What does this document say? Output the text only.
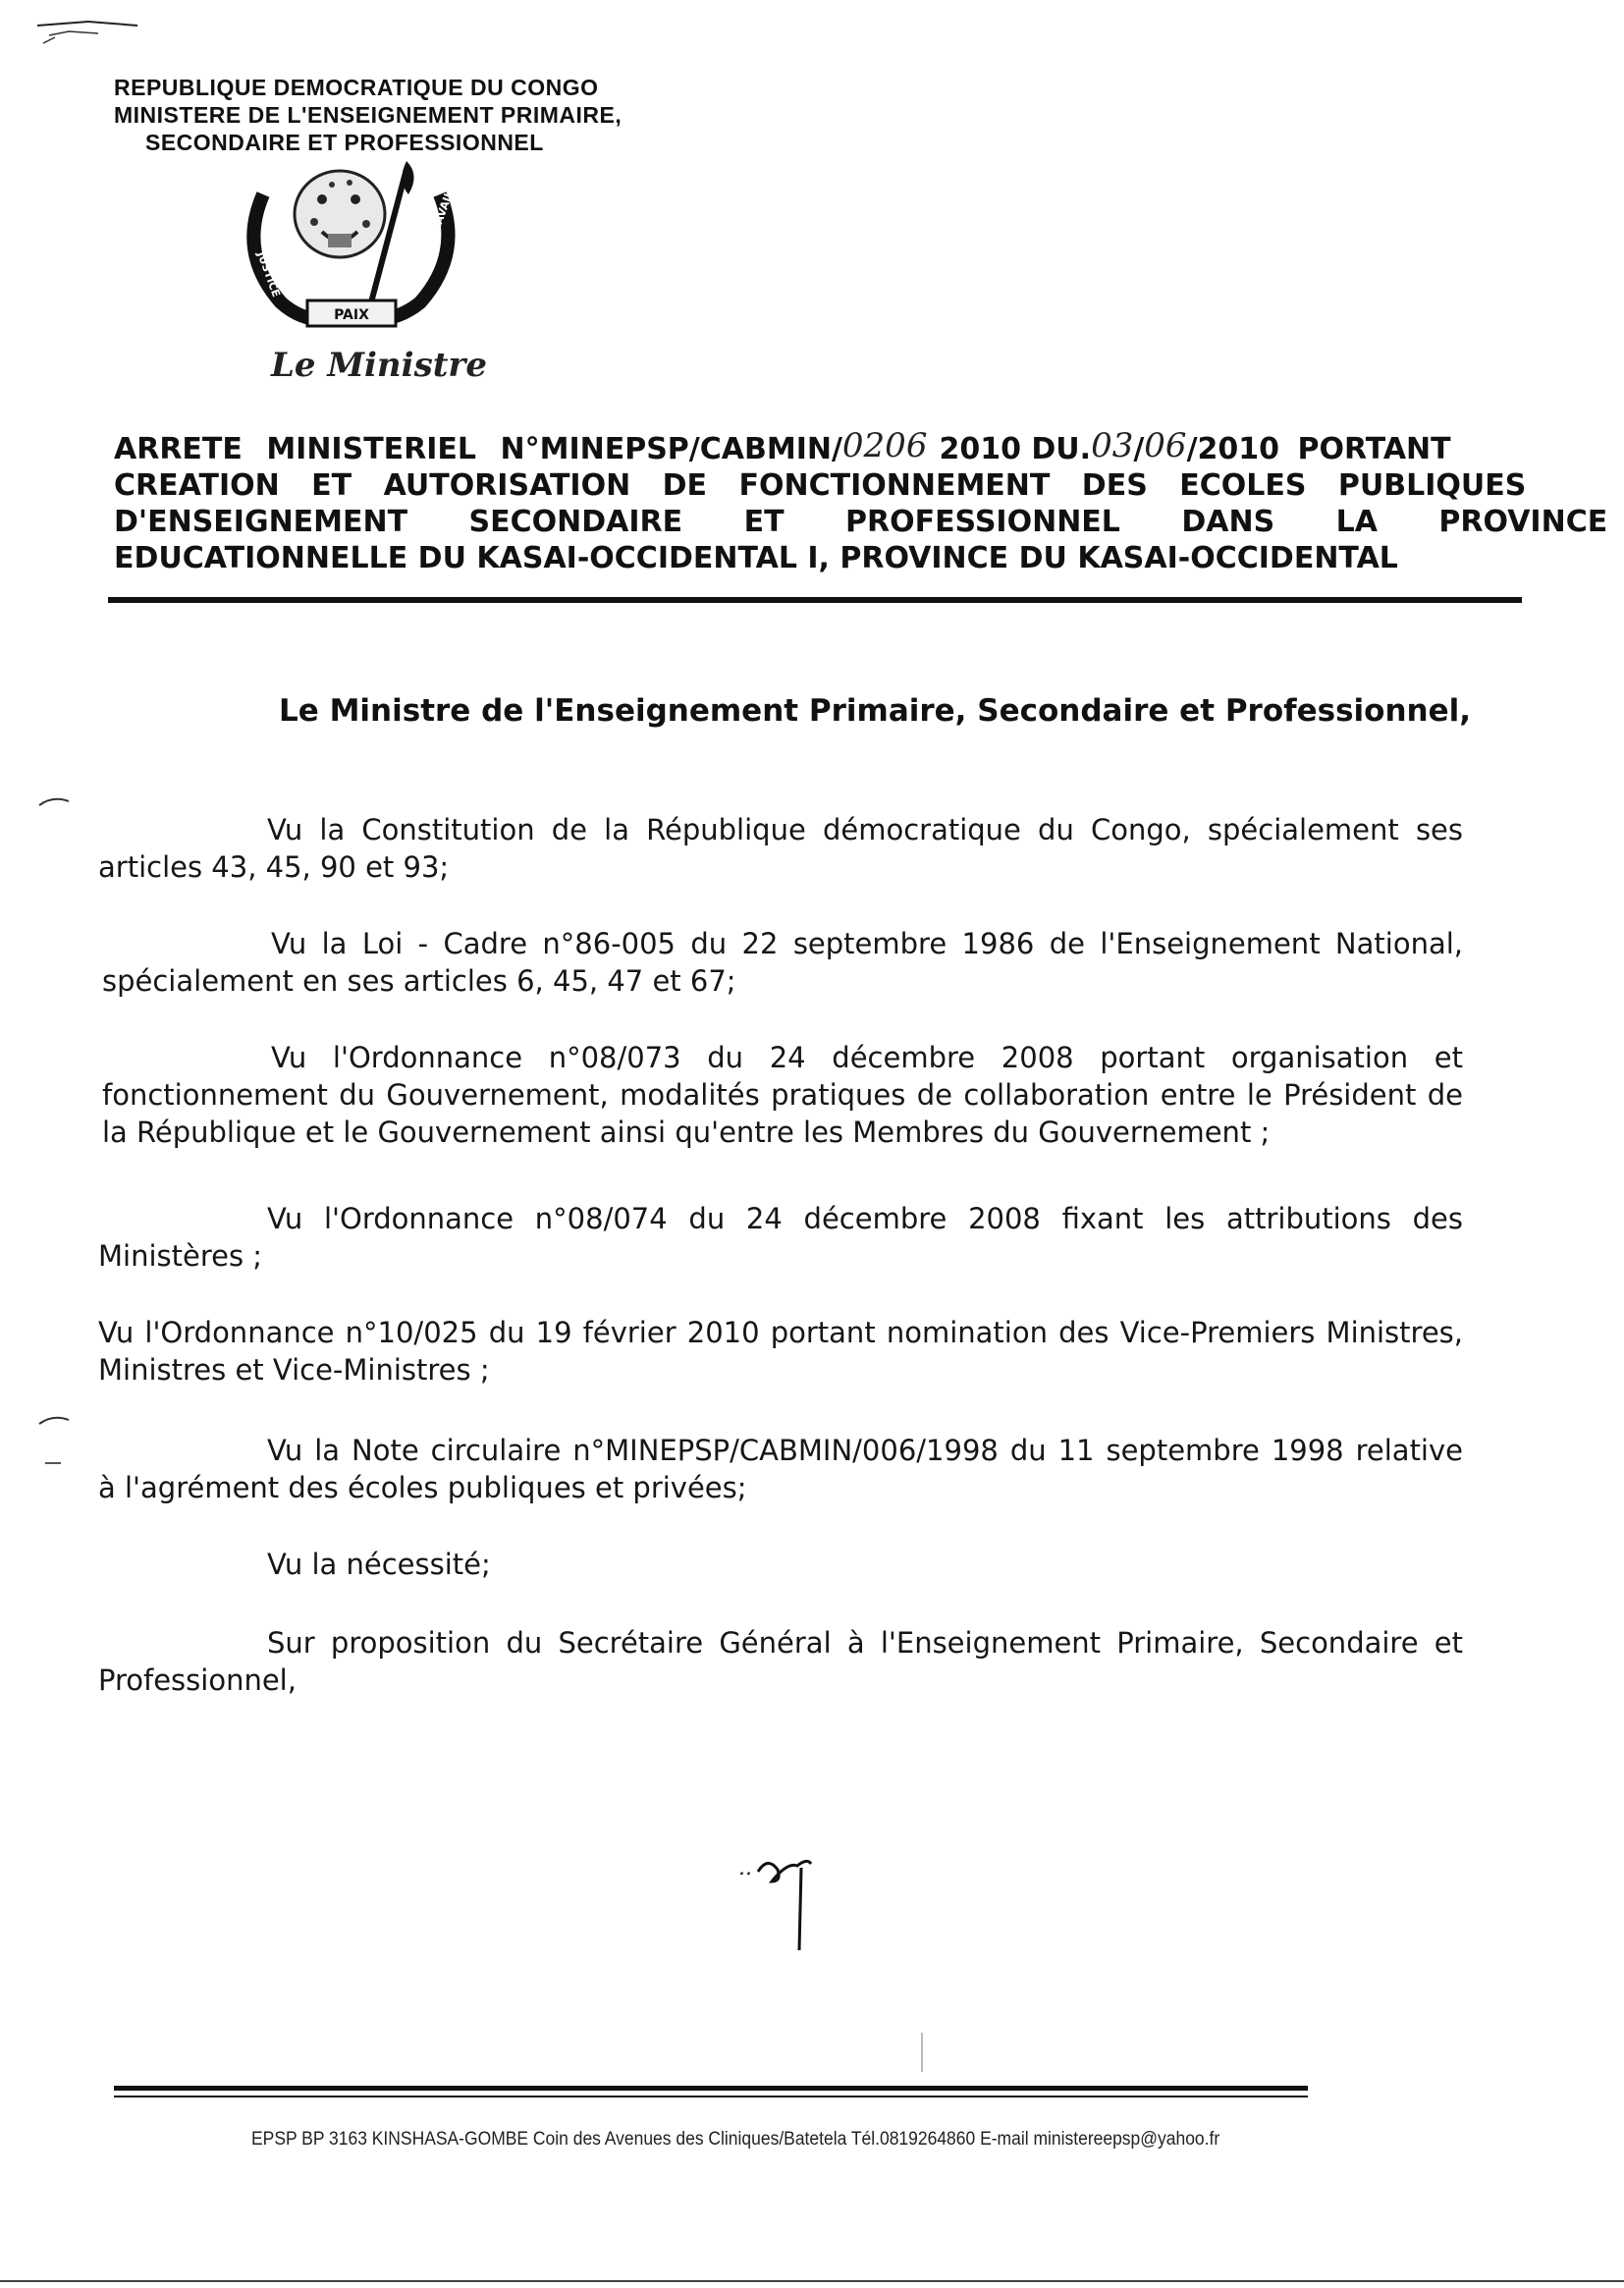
REPUBLIQUE DEMOCRATIQUE DU CONGO
MINISTERE DE L'ENSEIGNEMENT PRIMAIRE,
SECONDAIRE ET PROFESSIONNEL
PAIX
JUSTICE
TRAVAIL
Le Ministre
ARRETE MINISTERIEL N°MINEPSP/CABMIN/ 0206 2010 DU. 03 / 06 /2010 PORTANT
CREATION ET AUTORISATION DE FONCTIONNEMENT DES ECOLES PUBLIQUES
D'ENSEIGNEMENT SECONDAIRE ET PROFESSIONNEL DANS LA PROVINCE
EDUCATIONNELLE DU KASAI-OCCIDENTAL I, PROVINCE DU KASAI-OCCIDENTAL
Le Ministre de l'Enseignement Primaire, Secondaire et Professionnel,
Vu la Constitution de la République démocratique du Congo, spécialement ses articles 43, 45, 90 et 93;
Vu la Loi - Cadre n°86-005 du 22 septembre 1986 de l'Enseignement National, spécialement en ses articles 6, 45, 47 et 67;
Vu l'Ordonnance n°08/073 du 24 décembre 2008 portant organisation et fonctionnement du Gouvernement, modalités pratiques de collaboration entre le Président de la République et le Gouvernement ainsi qu'entre les Membres du Gouvernement ;
Vu l'Ordonnance n°08/074 du 24 décembre 2008 fixant les attributions des Ministères ;
Vu l'Ordonnance n°10/025 du 19 février 2010 portant nomination des Vice-Premiers Ministres, Ministres et Vice-Ministres ;
Vu la Note circulaire n°MINEPSP/CABMIN/006/1998 du 11 septembre 1998 relative à l'agrément des écoles publiques et privées;
Vu la nécessité;
Sur proposition du Secrétaire Général à l'Enseignement Primaire, Secondaire et Professionnel,
..
EPSP BP 3163 KINSHASA-GOMBE Coin des Avenues des Cliniques/Batetela Tél.0819264860 E-mail ministereepsp@yahoo.fr
